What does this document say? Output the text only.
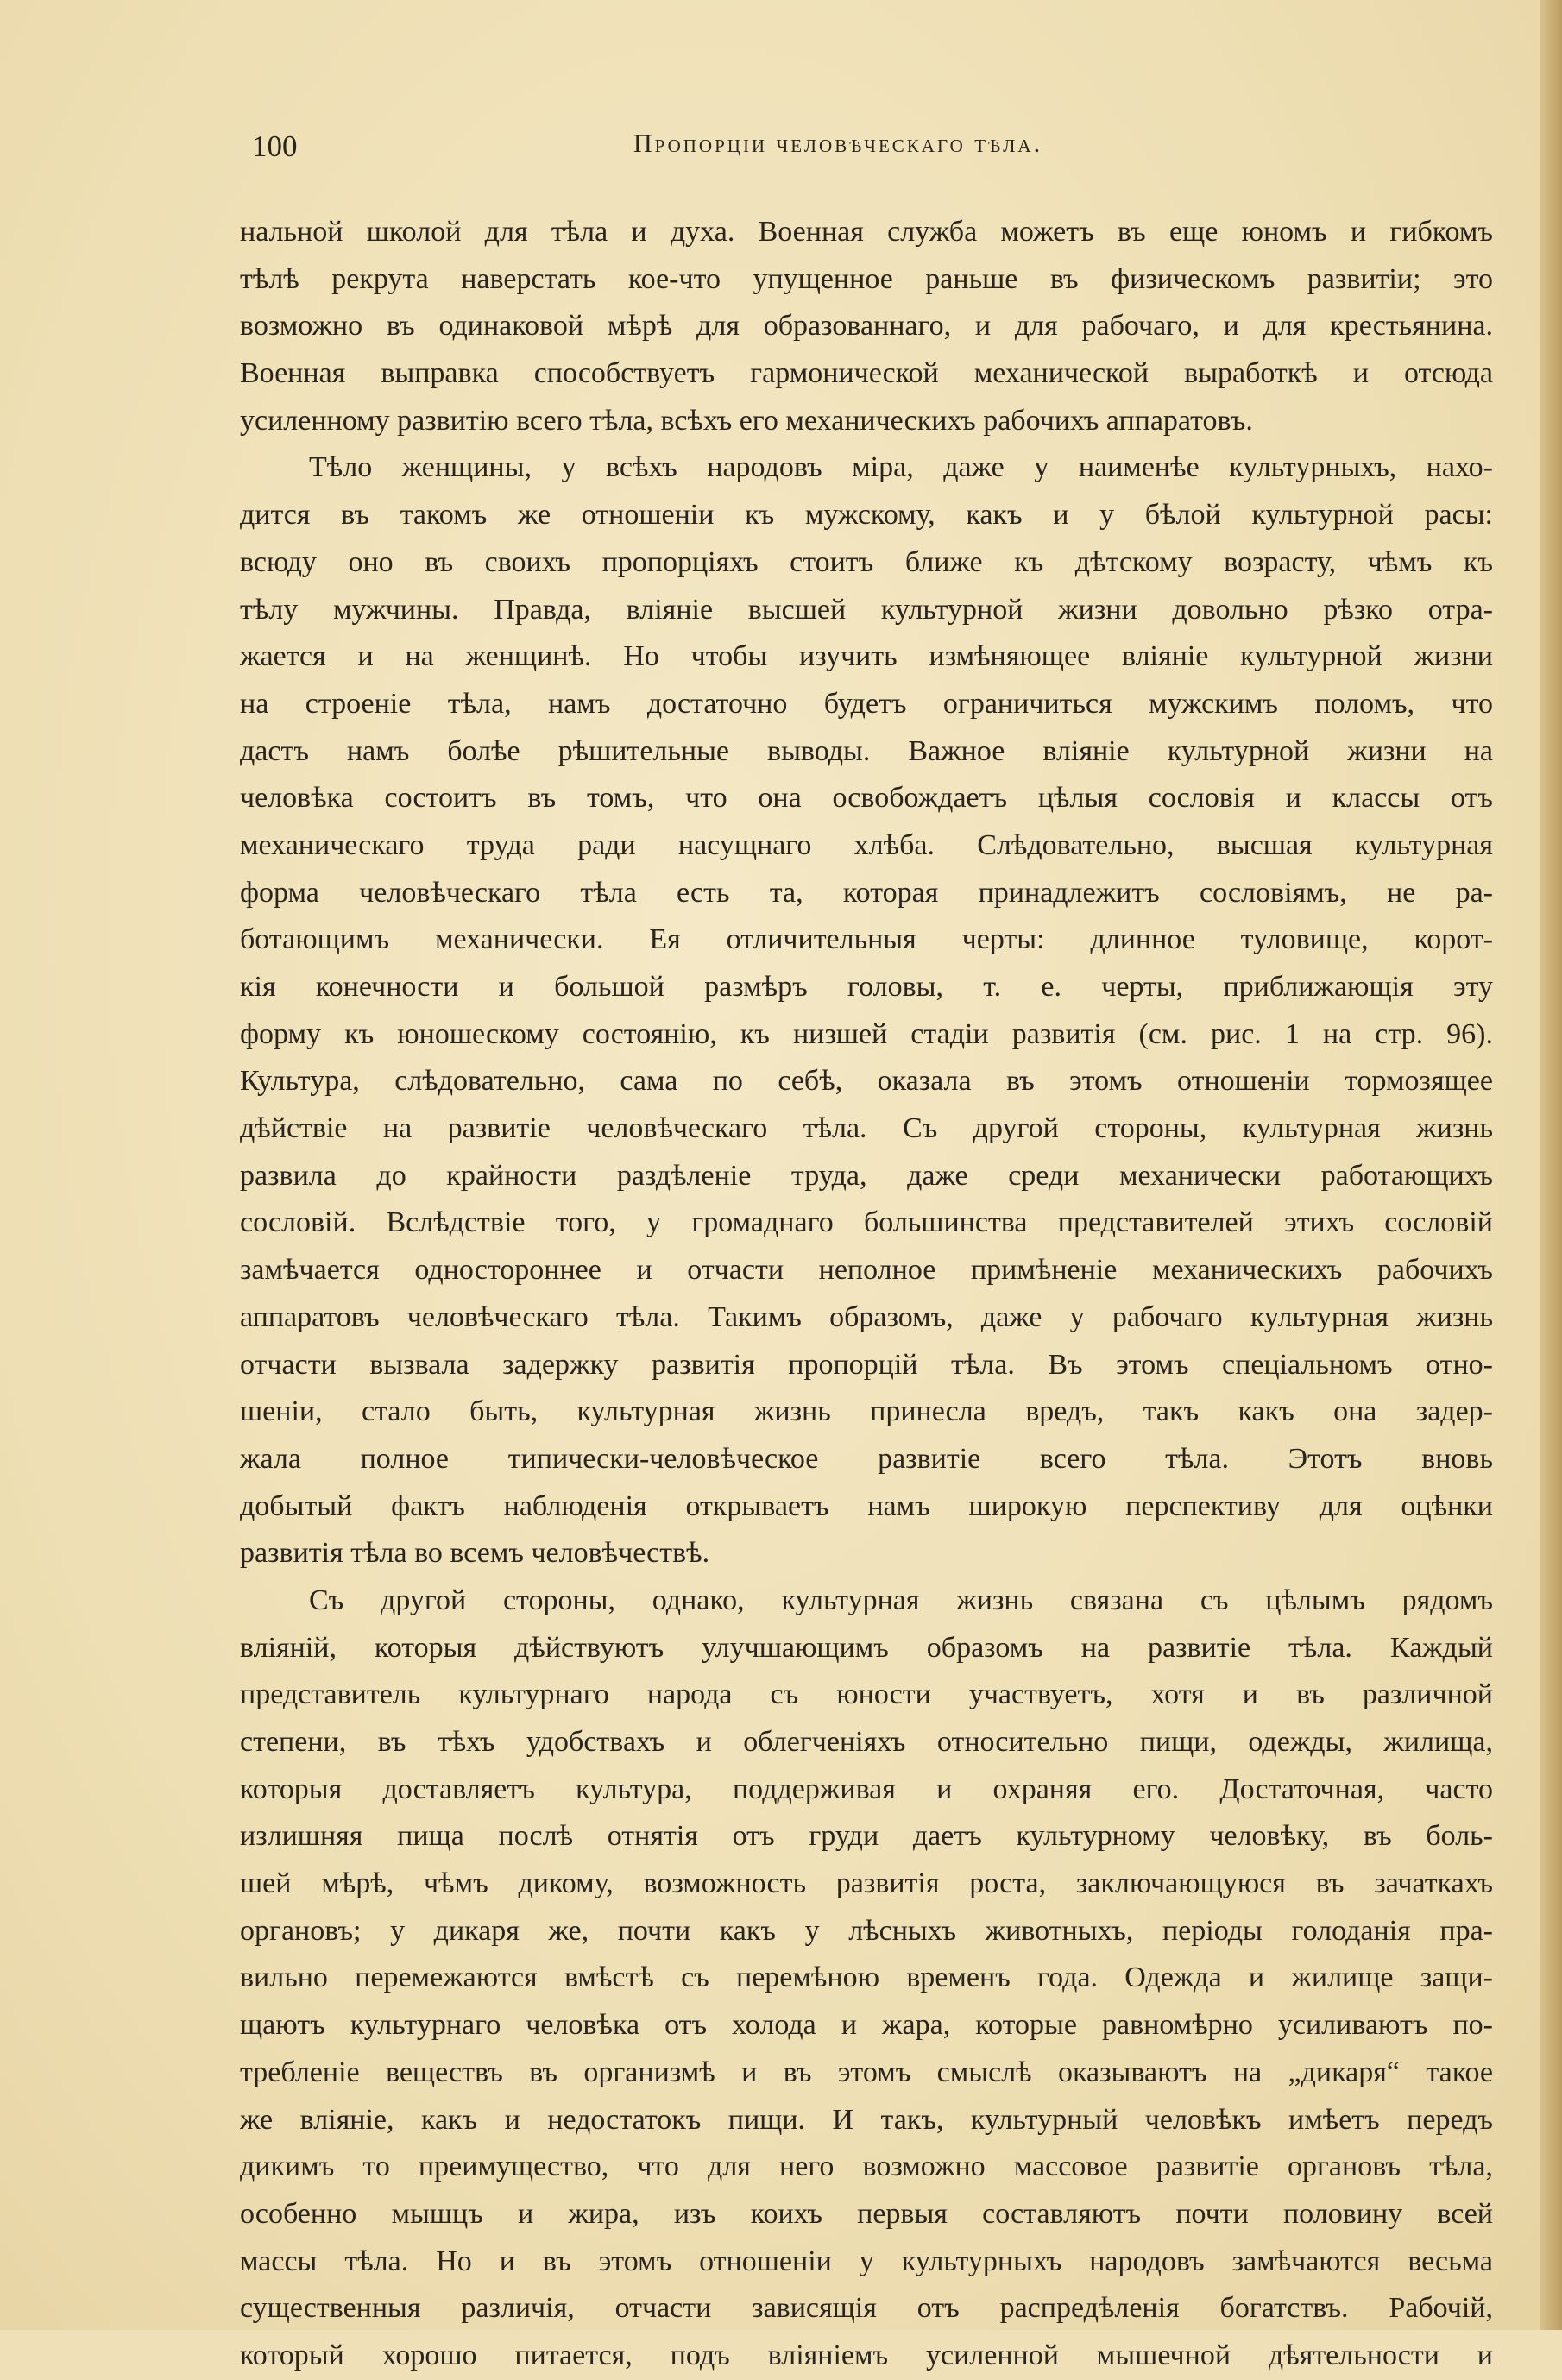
100	Пропорціи человѣческаго тѣла.
нальной школой для тѣла и духа. Военная служба можетъ въ еще юномъ и гибкомъ
тѣлѣ рекрута наверстать кое-что упущенное раньше въ физическомъ развитіи; это
возможно въ одинаковой мѣрѣ для образованнаго, и для рабочаго, и для крестьянина.
Военная выправка способствуетъ гармонической механической выработкѣ и отсюда
усиленному развитію всего тѣла, всѣхъ его механическихъ рабочихъ аппаратовъ.
Тѣло женщины, у всѣхъ народовъ міра, даже у наименѣе культурныхъ, нахо-
дится въ такомъ же отношеніи къ мужскому, какъ и у бѣлой культурной расы:
всюду оно въ своихъ пропорціяхъ стоитъ ближе къ дѣтскому возрасту, чѣмъ къ
тѣлу мужчины. Правда, вліяніе высшей культурной жизни довольно рѣзко отра-
жается и на женщинѣ. Но чтобы изучить измѣняющее вліяніе культурной жизни
на строеніе тѣла, намъ достаточно будетъ ограничиться мужскимъ поломъ, что
дастъ намъ болѣе рѣшительные выводы. Важное вліяніе культурной жизни на
человѣка состоитъ въ томъ, что она освобождаетъ цѣлыя сословія и классы отъ
механическаго труда ради насущнаго хлѣба. Слѣдовательно, высшая культурная
форма человѣческаго тѣла есть та, которая принадлежитъ сословіямъ, не ра-
ботающимъ механически. Ея отличительныя черты: длинное туловище, корот-
кія конечности и большой размѣръ головы, т. е. черты, приближающія эту
форму къ юношескому состоянію, къ низшей стадіи развитія (см. рис. 1 на стр. 96).
Культура, слѣдовательно, сама по себѣ, оказала въ этомъ отношеніи тормозящее
дѣйствіе на развитіе человѣческаго тѣла. Съ другой стороны, культурная жизнь
развила до крайности раздѣленіе труда, даже среди механически работающихъ
сословій. Вслѣдствіе того, у громаднаго большинства представителей этихъ сословій
замѣчается одностороннее и отчасти неполное примѣненіе механическихъ рабочихъ
аппаратовъ человѣческаго тѣла. Такимъ образомъ, даже у рабочаго культурная жизнь
отчасти вызвала задержку развитія пропорцій тѣла. Въ этомъ спеціальномъ отно-
шеніи, стало быть, культурная жизнь принесла вредъ, такъ какъ она задер-
жала полное типически-человѣческое развитіе всего тѣла. Этотъ вновь
добытый фактъ наблюденія открываетъ намъ широкую перспективу для оцѣнки
развитія тѣла во всемъ человѣчествѣ.
Съ другой стороны, однако, культурная жизнь связана съ цѣлымъ рядомъ
вліяній, которыя дѣйствуютъ улучшающимъ образомъ на развитіе тѣла. Каждый
представитель культурнаго народа съ юности участвуетъ, хотя и въ различной
степени, въ тѣхъ удобствахъ и облегченіяхъ относительно пищи, одежды, жилища,
которыя доставляетъ культура, поддерживая и охраняя его. Достаточная, часто
излишняя пища послѣ отнятія отъ груди даетъ культурному человѣку, въ боль-
шей мѣрѣ, чѣмъ дикому, возможность развитія роста, заключающуюся въ зачаткахъ
органовъ; у дикаря же, почти какъ у лѣсныхъ животныхъ, періоды голоданія пра-
вильно перемежаются вмѣстѣ съ перемѣною временъ года. Одежда и жилище защи-
щаютъ культурнаго человѣка отъ холода и жара, которые равномѣрно усиливаютъ по-
требленіе веществъ въ организмѣ и въ этомъ смыслѣ оказываютъ на „дикаря“ такое
же вліяніе, какъ и недостатокъ пищи. И такъ, культурный человѣкъ имѣетъ передъ
дикимъ то преимущество, что для него возможно массовое развитіе органовъ тѣла,
особенно мышцъ и жира, изъ коихъ первыя составляютъ почти половину всей
массы тѣла. Но и въ этомъ отношеніи у культурныхъ народовъ замѣчаются весьма
существенныя различія, отчасти зависящія отъ распредѣленія богатствъ. Рабочій,
который хорошо питается, подъ вліяніемъ усиленной мышечной дѣятельности и
